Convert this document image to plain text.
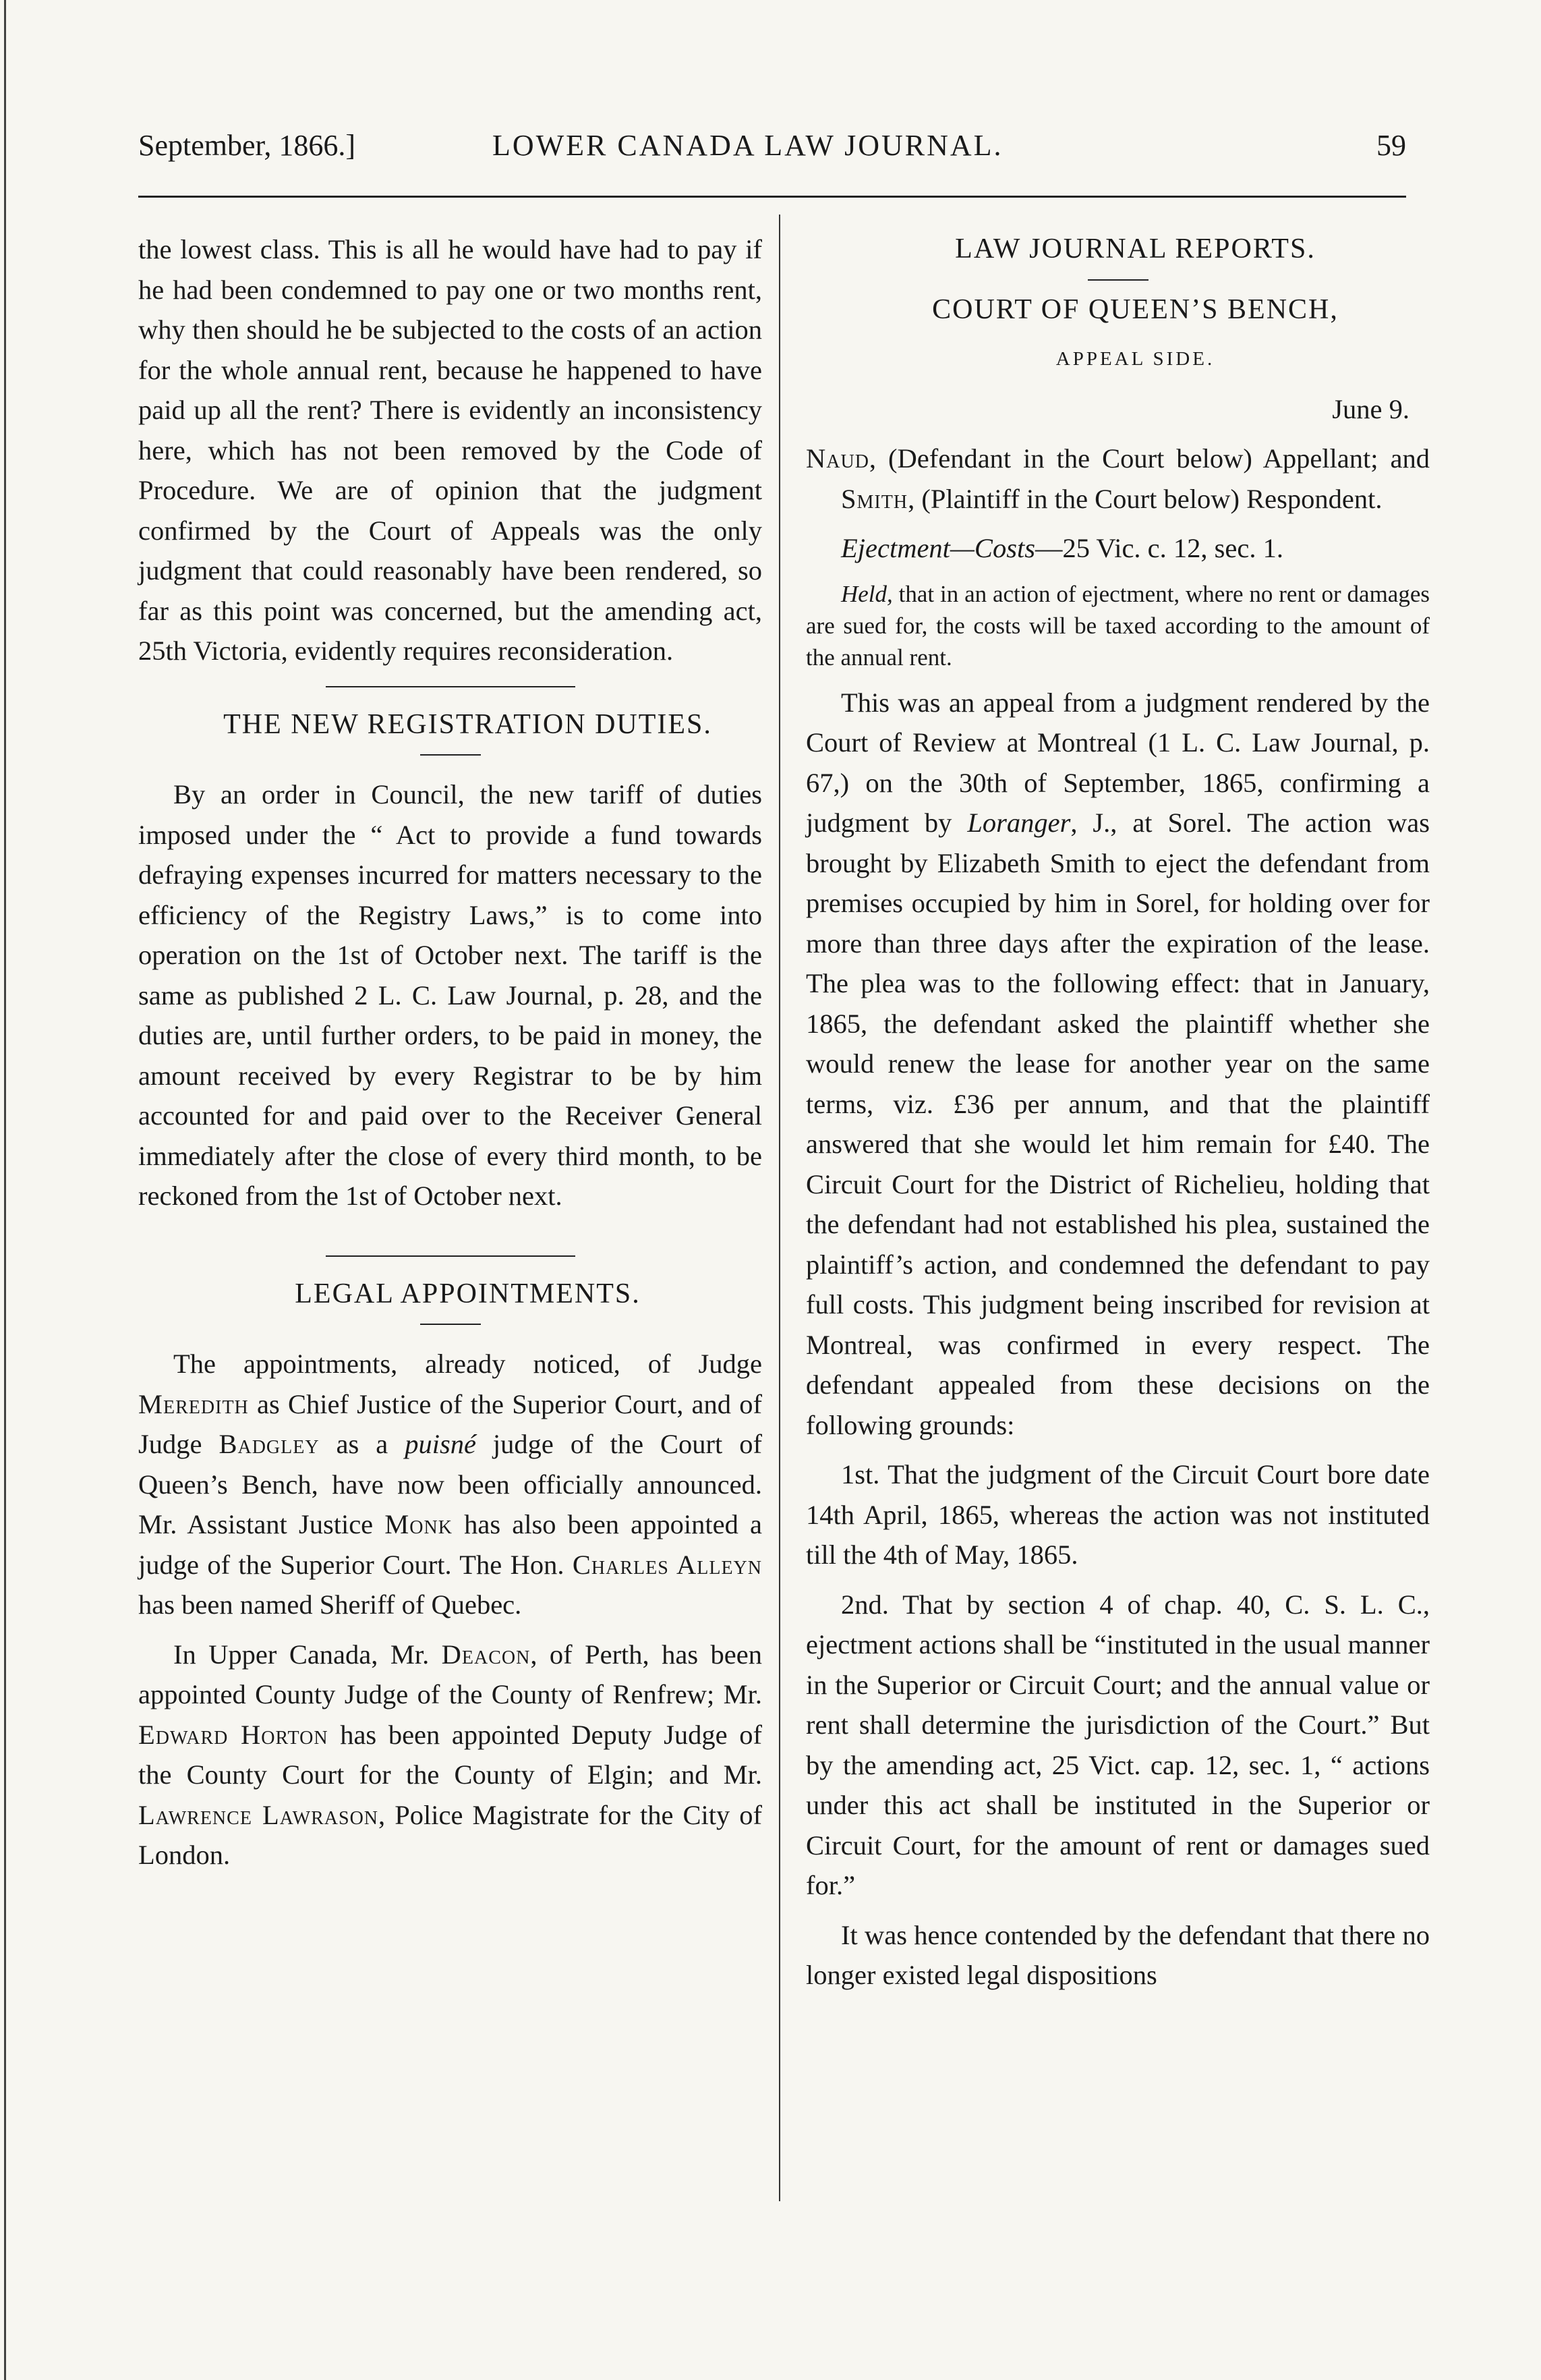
September, 1866.]	LOWER CANADA LAW JOURNAL.	59

the lowest class. This is all he would have had to pay if he had been condemned to pay one or two months rent, why then should he be subjected to the costs of an action for the whole annual rent, because he happened to have paid up all the rent? There is evidently an inconsistency here, which has not been removed by the Code of Procedure. We are of opinion that the judgment confirmed by the Court of Appeals was the only judgment that could reasonably have been rendered, so far as this point was concerned, but the amending act, 25th Victoria, evidently requires reconsideration.

THE NEW REGISTRATION DUTIES.

By an order in Council, the new tariff of duties imposed under the “ Act to provide a fund towards defraying expenses incurred for matters necessary to the efficiency of the Registry Laws,” is to come into operation on the 1st of October next. The tariff is the same as published 2 L. C. Law Journal, p. 28, and the duties are, until further orders, to be paid in money, the amount received by every Registrar to be by him accounted for and paid over to the Receiver General immediately after the close of every third month, to be reckoned from the 1st of October next.

LEGAL APPOINTMENTS.

The appointments, already noticed, of Judge Meredith as Chief Justice of the Superior Court, and of Judge Badgley as a puisné judge of the Court of Queen’s Bench, have now been officially announced. Mr. Assistant Justice Monk has also been appointed a judge of the Superior Court. The Hon. Charles Alleyn has been named Sheriff of Quebec.

In Upper Canada, Mr. Deacon, of Perth, has been appointed County Judge of the County of Renfrew; Mr. Edward Horton has been appointed Deputy Judge of the County Court for the County of Elgin; and Mr. Lawrence Lawrason, Police Magistrate for the City of London.

LAW JOURNAL REPORTS.

COURT OF QUEEN’S BENCH,

APPEAL SIDE.

June 9.

Naud, (Defendant in the Court below) Appellant; and Smith, (Plaintiff in the Court below) Respondent.

Ejectment—Costs—25 Vic. c. 12, sec. 1.

Held, that in an action of ejectment, where no rent or damages are sued for, the costs will be taxed according to the amount of the annual rent.

This was an appeal from a judgment rendered by the Court of Review at Montreal (1 L. C. Law Journal, p. 67,) on the 30th of September, 1865, confirming a judgment by Loranger, J., at Sorel. The action was brought by Elizabeth Smith to eject the defendant from premises occupied by him in Sorel, for holding over for more than three days after the expiration of the lease. The plea was to the following effect: that in January, 1865, the defendant asked the plaintiff whether she would renew the lease for another year on the same terms, viz. £36 per annum, and that the plaintiff answered that she would let him remain for £40. The Circuit Court for the District of Richelieu, holding that the defendant had not established his plea, sustained the plaintiff’s action, and condemned the defendant to pay full costs. This judgment being inscribed for revision at Montreal, was confirmed in every respect. The defendant appealed from these decisions on the following grounds:

1st. That the judgment of the Circuit Court bore date 14th April, 1865, whereas the action was not instituted till the 4th of May, 1865.

2nd. That by section 4 of chap. 40, C. S. L. C., ejectment actions shall be “instituted in the usual manner in the Superior or Circuit Court; and the annual value or rent shall determine the jurisdiction of the Court.” But by the amending act, 25 Vict. cap. 12, sec. 1, “ actions under this act shall be instituted in the Superior or Circuit Court, for the amount of rent or damages sued for.”

It was hence contended by the defendant that there no longer existed legal dispositions
